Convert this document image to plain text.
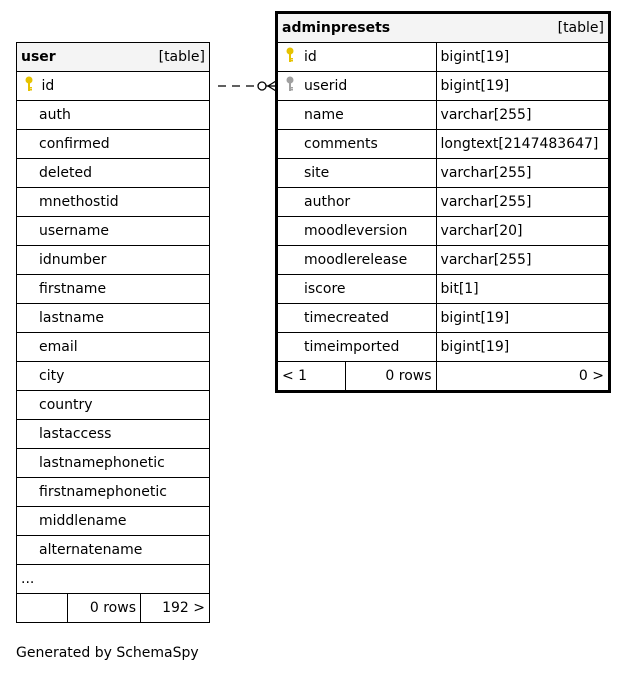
user	[table]

id
auth
confirmed
deleted
mnethostid
username
idnumber
firstname
lastname
email
city
country
lastaccess
lastnamephonetic
firstnamephonetic
middlename
alternatename
...
	0 rows	192 >
adminpresets [table]		

id		bigint[19]
userid		bigint[19]
name		varchar[255]
comments		longtext[2147483647]
site		varchar[255]
author		varchar[255]
moodleversion		varchar[20]
moodlerelease		varchar[255]
iscore		bit[1]
timecreated		bigint[19]
timeimported		bigint[19]
< 1	0 rows	0 >
Generated by SchemaSpy
